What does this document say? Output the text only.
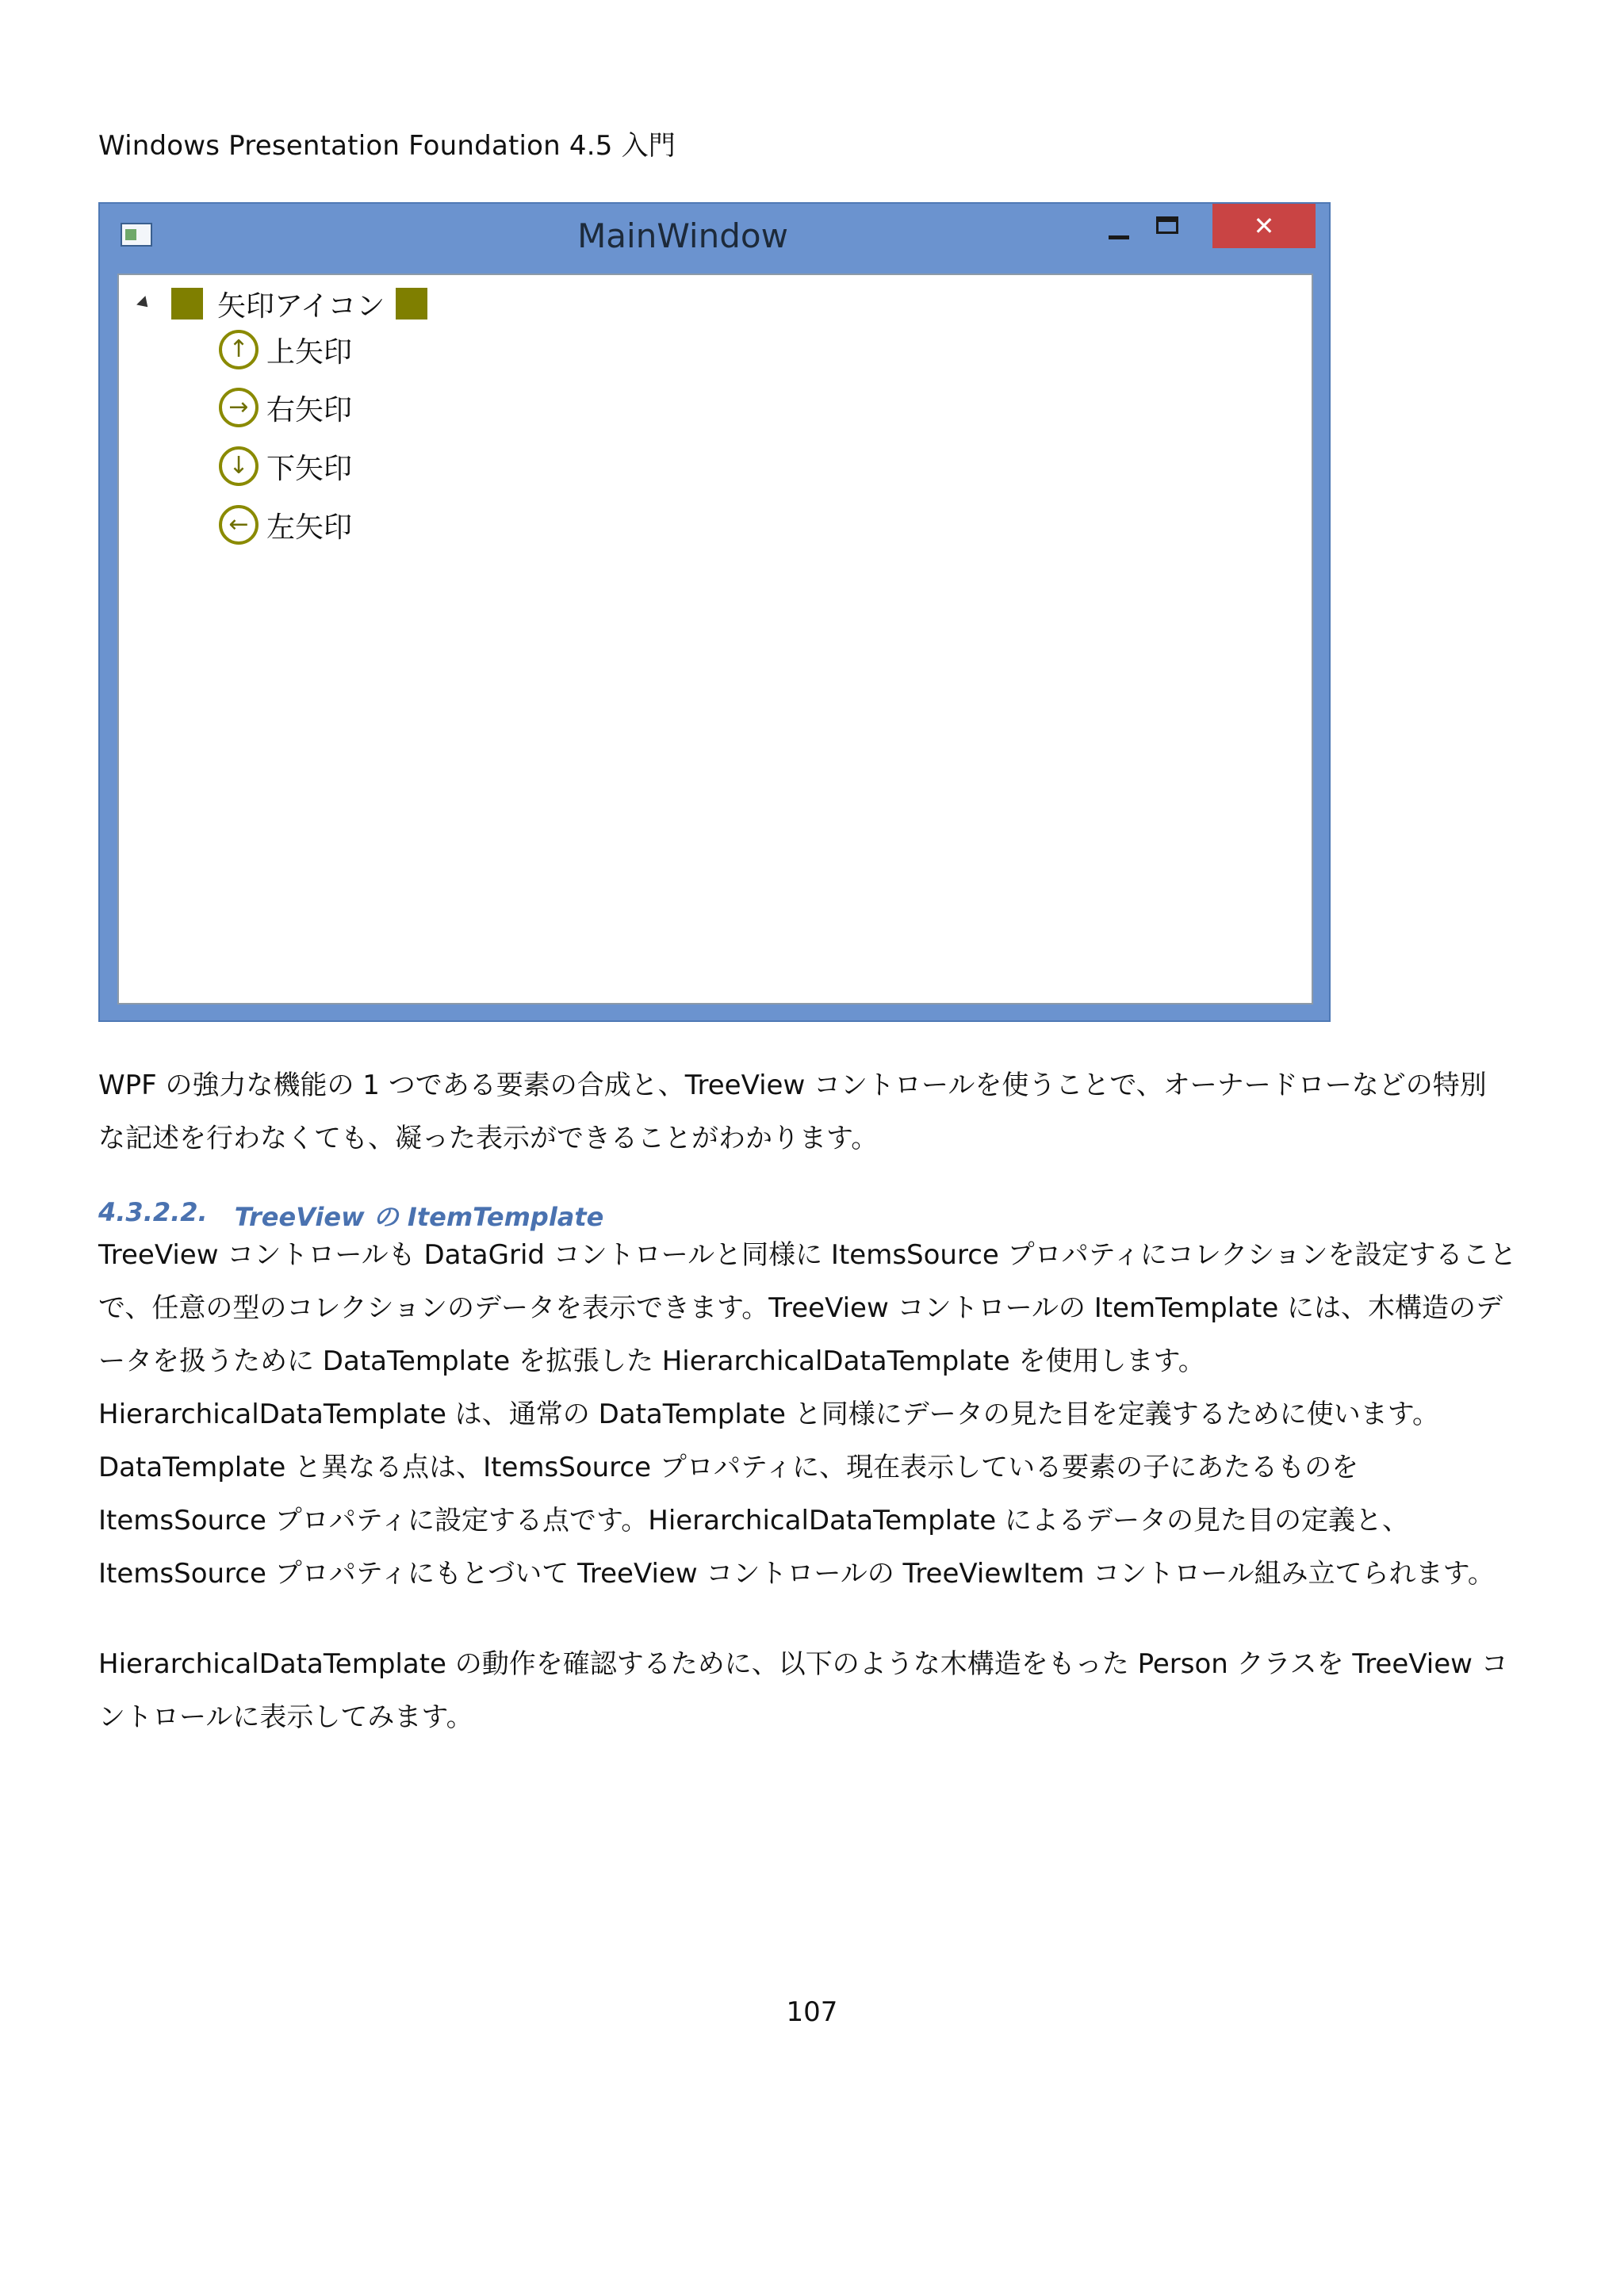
Windows Presentation Foundation 4.5 入門
MainWindow	✕
矢印アイコン
↑ 上矢印
→ 右矢印
↓ 下矢印
← 左矢印
WPF の強力な機能の 1 つである要素の合成と、TreeView コントロールを使うことで、オーナードローなどの特別
な記述を行わなくても、凝った表示ができることがわかります。
4.3.2.2. TreeView の ItemTemplate
TreeView コントロールも DataGrid コントロールと同様に ItemsSource プロパティにコレクションを設定すること
で、任意の型のコレクションのデータを表示できます。TreeView コントロールの ItemTemplate には、木構造のデ
ータを扱うために DataTemplate を拡張した HierarchicalDataTemplate を使用します。
HierarchicalDataTemplate は、通常の DataTemplate と同様にデータの見た目を定義するために使います。
DataTemplate と異なる点は、ItemsSource プロパティに、現在表示している要素の子にあたるものを
ItemsSource プロパティに設定する点です。HierarchicalDataTemplate によるデータの見た目の定義と、
ItemsSource プロパティにもとづいて TreeView コントロールの TreeViewItem コントロール組み立てられます。
HierarchicalDataTemplate の動作を確認するために、以下のような木構造をもった Person クラスを TreeView コ
ントロールに表示してみます。
107
